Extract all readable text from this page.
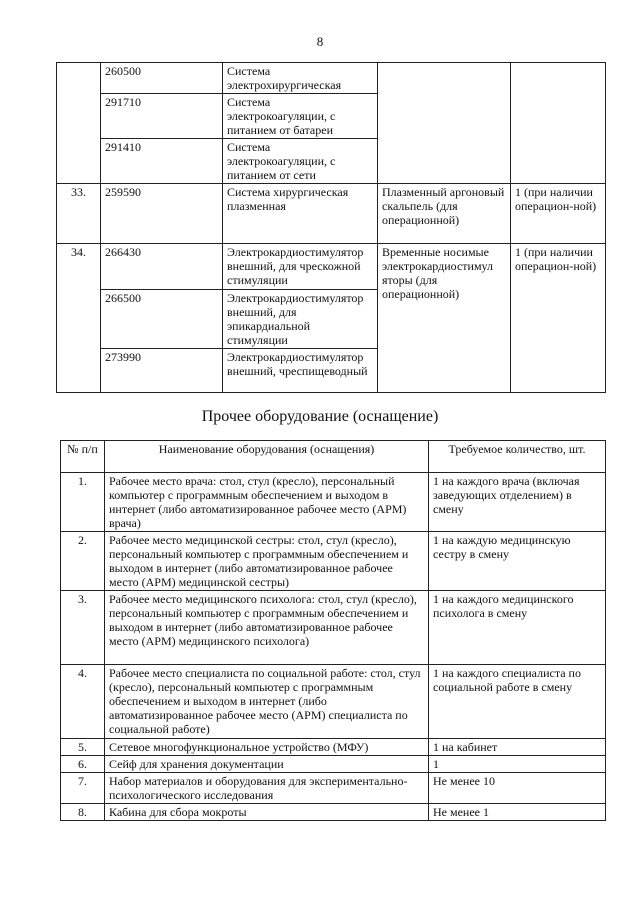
8
	260500	Система электрохирургическая		
	291710	Система электрокоагуляции, с питанием от батареи		
	291410	Система электрокоагуляции, с питанием от сети		
33.	259590	Система хирургическая плазменная	Плазменный аргоновый скальпель (для операционной)	1 (при наличии операцион-ной)
34.	266430	Электрокардиостимулятор внешний, для чрескожной стимуляции	Временные носимые электрокардиостимул яторы (для операционной)	1 (при наличии операцион-ной)
	266500	Электрокардиостимулятор внешний, для эпикардиальной стимуляции		
	273990	Электрокардиостимулятор внешний, чреспищеводный		
Прочее оборудование (оснащение)
№ п/п	Наименование оборудования (оснащения)	Требуемое количество, шт.
1.	Рабочее место врача: стол, стул (кресло), персональный компьютер с программным обеспечением и выходом в интернет (либо автоматизированное рабочее место (АРМ) врача)	1 на каждого врача (включая заведующих отделением) в смену
2.	Рабочее место медицинской сестры: стол, стул (кресло), персональный компьютер с программным обеспечением и выходом в интернет (либо автоматизированное рабочее место (АРМ) медицинской сестры)	1 на каждую медицинскую сестру в смену
3.	Рабочее место медицинского психолога: стол, стул (кресло), персональный компьютер с программным обеспечением и выходом в интернет (либо автоматизированное рабочее место (АРМ) медицинского психолога)	1 на каждого медицинского психолога в смену
4.	Рабочее место специалиста по социальной работе: стол, стул (кресло), персональный компьютер с программным обеспечением и выходом в интернет (либо автоматизированное рабочее место (АРМ) специалиста по социальной работе)	1 на каждого специалиста по социальной работе в смену
5.	Сетевое многофункциональное устройство (МФУ)	1 на кабинет
6.	Сейф для хранения документации	1
7.	Набор материалов и оборудования для экспериментально-психологического исследования	Не менее 10
8.	Кабина для сбора мокроты	Не менее 1
